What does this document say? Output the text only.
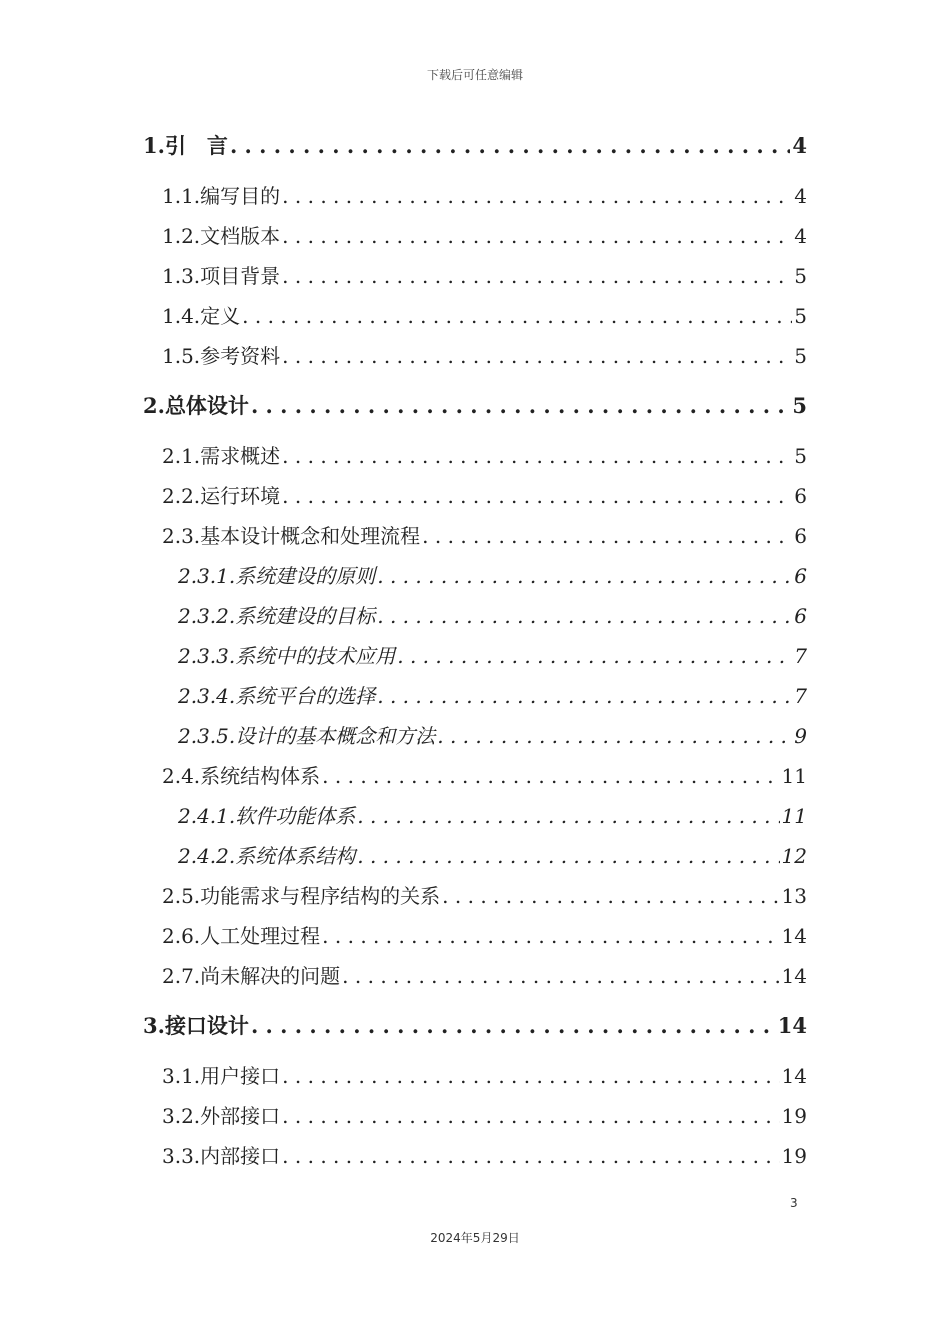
下载后可任意编辑
1. 引　言 . . .	4
1.1. 编写目的 . . .	4
1.2. 文档版本 . . .	4
1.3. 项目背景 . . .	5
1.4. 定义 . . .	5
1.5. 参考资料 . . .	5
2. 总体设计 . . .	5
2.1. 需求概述 . . .	5
2.2. 运行环境 . . .	6
2.3. 基本设计概念和处理流程 . . .	6
2.3.1. 系统建设的原则 . . .	6
2.3.2. 系统建设的目标 . . .	6
2.3.3. 系统中的技术应用 . . .	7
2.3.4. 系统平台的选择 . . .	7
2.3.5. 设计的基本概念和方法 . . .	9
2.4. 系统结构体系 . . .	11
2.4.1. 软件功能体系 . . .	11
2.4.2. 系统体系结构 . . .	12
2.5. 功能需求与程序结构的关系 . . .	13
2.6. 人工处理过程 . . .	14
2.7. 尚未解决的问题 . . .	14
3. 接口设计 . . .	14
3.1. 用户接口 . . .	14
3.2. 外部接口 . . .	19
3.3. 内部接口 . . .	19
3
2024年5月29日
